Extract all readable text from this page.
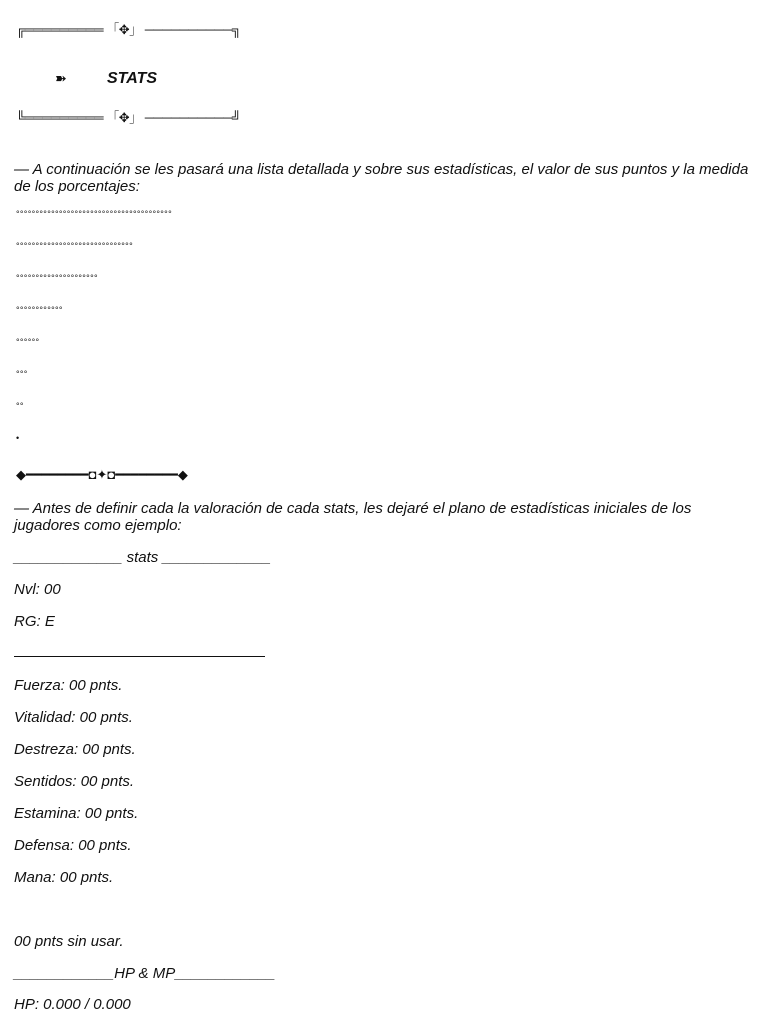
╔═════════ 「✥」 ──────────╗
➽	STATS
╚═════════ 「✥」 ──────────╝
— A continuación se les pasará una lista detallada y sobre sus estadísticas, el valor de sus puntos y la medida de los porcentajes:
°°°°°°°°°°°°°°°°°°°°°°°°°°°°°°°°°°°°°°°°
°°°°°°°°°°°°°°°°°°°°°°°°°°°°°°
°°°°°°°°°°°°°°°°°°°°°
°°°°°°°°°°°°
°°°°°°
°°°
°°
•
◆━━━━━━━━◘✦◘━━━━━━━━◆
— Antes de definir cada la valoración de cada stats, les dejaré el plano de estadísticas iniciales de los jugadores como ejemplo:
_____________ stats _____________
Nvl: 00
RG: E
Fuerza: 00 pnts.
Vitalidad: 00 pnts.
Destreza: 00 pnts.
Sentidos: 00 pnts.
Estamina: 00 pnts.
Defensa: 00 pnts.
Mana: 00 pnts.
00 pnts sin usar.
____________HP & MP____________
HP: 0.000 / 0.000
